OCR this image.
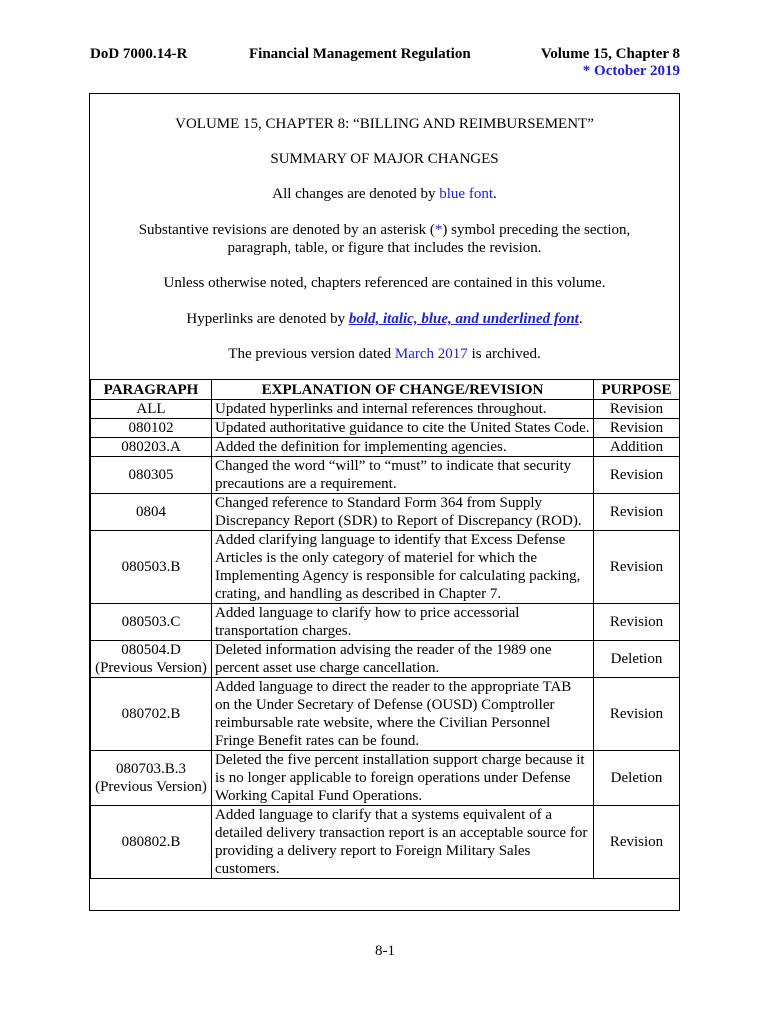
DoD 7000.14-R	Financial Management Regulation	Volume 15, Chapter 8
* October 2019
VOLUME 15, CHAPTER 8: “BILLING AND REIMBURSEMENT”
SUMMARY OF MAJOR CHANGES
All changes are denoted by blue font.
Substantive revisions are denoted by an asterisk (*) symbol preceding the section,
paragraph, table, or figure that includes the revision.
Unless otherwise noted, chapters referenced are contained in this volume.
Hyperlinks are denoted by bold, italic, blue, and underlined font.
The previous version dated March 2017 is archived.
PARAGRAPH	EXPLANATION OF CHANGE/REVISION	PURPOSE
ALL	Updated hyperlinks and internal references throughout.	Revision
080102	Updated authoritative guidance to cite the United States Code.	Revision
080203.A	Added the definition for implementing agencies.	Addition
080305	Changed the word “will” to “must” to indicate that security precautions are a requirement.	Revision
0804	Changed reference to Standard Form 364 from Supply Discrepancy Report (SDR) to Report of Discrepancy (ROD).	Revision
080503.B	Added clarifying language to identify that Excess Defense Articles is the only category of materiel for which the Implementing Agency is responsible for calculating packing, crating, and handling as described in Chapter 7.	Revision
080503.C	Added language to clarify how to price accessorial transportation charges.	Revision
080504.D (Previous Version)	Deleted information advising the reader of the 1989 one percent asset use charge cancellation.	Deletion
080702.B	Added language to direct the reader to the appropriate TAB on the Under Secretary of Defense (OUSD) Comptroller reimbursable rate website, where the Civilian Personnel Fringe Benefit rates can be found.	Revision
080703.B.3 (Previous Version)	Deleted the five percent installation support charge because it is no longer applicable to foreign operations under Defense Working Capital Fund Operations.	Deletion
080802.B	Added language to clarify that a systems equivalent of a detailed delivery transaction report is an acceptable source for providing a delivery report to Foreign Military Sales customers.	Revision
8-1
